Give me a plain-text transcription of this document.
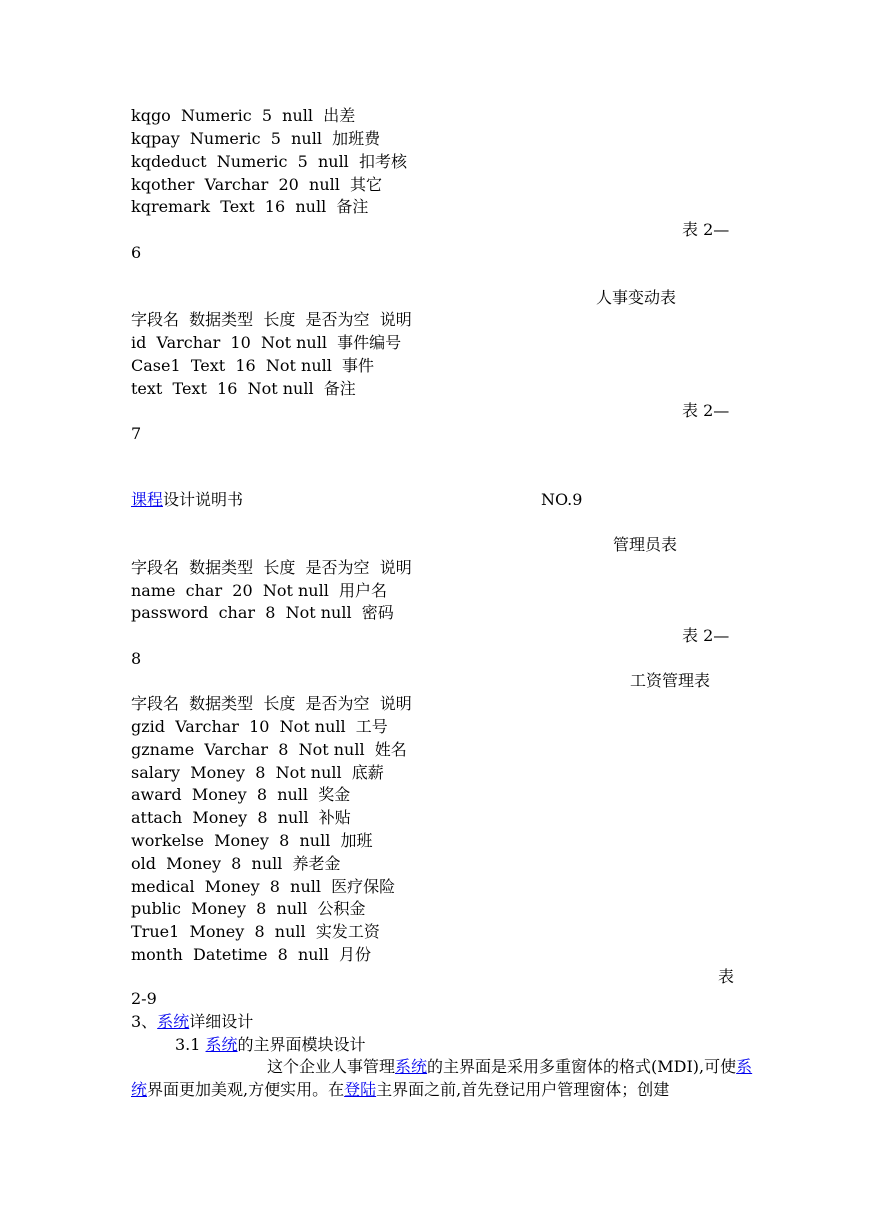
kqgo  Numeric  5  null  出差
kqpay  Numeric  5  null  加班费
kqdeduct  Numeric  5  null  扣考核
kqother  Varchar  20  null  其它
kqremark  Text  16  null  备注
表 2—
6
人事变动表
字段名  数据类型  长度  是否为空  说明
id  Varchar  10  Not null  事件编号
Case1  Text  16  Not null  事件
text  Text  16  Not null  备注
表 2—
7
课程设计说明书	NO.9
管理员表
字段名  数据类型  长度  是否为空  说明
name  char  20  Not null  用户名
password  char  8  Not null  密码
表 2—
8
工资管理表
字段名  数据类型  长度  是否为空  说明
gzid  Varchar  10  Not null  工号
gzname  Varchar  8  Not null  姓名
salary  Money  8  Not null  底薪
award  Money  8  null  奖金
attach  Money  8  null  补贴
workelse  Money  8  null  加班
old  Money  8  null  养老金
medical  Money  8  null  医疗保险
public  Money  8  null  公积金
True1  Money  8  null  实发工资
month  Datetime  8  null  月份
表
2-9
3、系统详细设计
3.1 系统的主界面模块设计
这个企业人事管理系统的主界面是采用多重窗体的格式(MDI),可使系
统界面更加美观,方便实用。在登陆主界面之前,首先登记用户管理窗体；创建
